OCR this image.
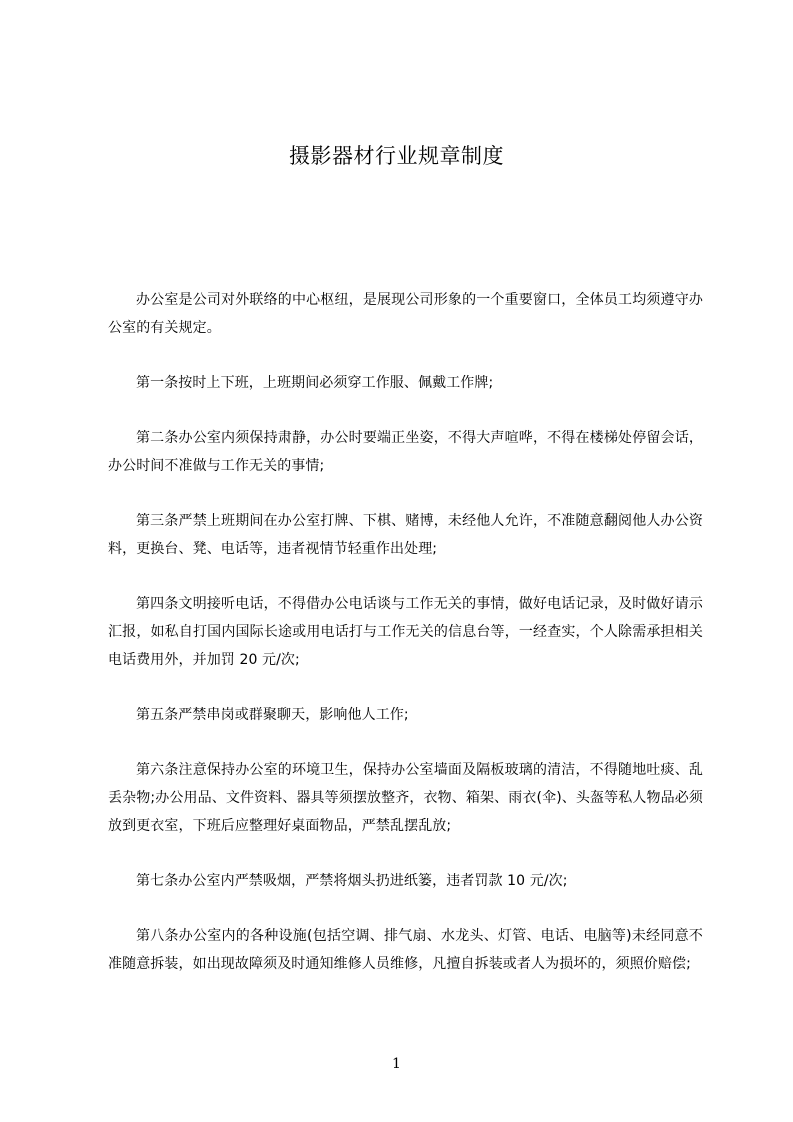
摄影器材行业规章制度

办公室是公司对外联络的中心枢纽，是展现公司形象的一个重要窗口，全体员工均须遵守办公室的有关规定。

第一条按时上下班，上班期间必须穿工作服、佩戴工作牌;

第二条办公室内须保持肃静，办公时要端正坐姿，不得大声喧哗，不得在楼梯处停留会话，办公时间不准做与工作无关的事情;

第三条严禁上班期间在办公室打牌、下棋、赌博，未经他人允许，不准随意翻阅他人办公资料，更换台、凳、电话等，违者视情节轻重作出处理;

第四条文明接听电话，不得借办公电话谈与工作无关的事情，做好电话记录，及时做好请示汇报，如私自打国内国际长途或用电话打与工作无关的信息台等，一经查实，个人除需承担相关电话费用外，并加罚 20 元/次;

第五条严禁串岗或群聚聊天，影响他人工作;

第六条注意保持办公室的环境卫生，保持办公室墙面及隔板玻璃的清洁，不得随地吐痰、乱丢杂物;办公用品、文件资料、器具等须摆放整齐，衣物、箱架、雨衣(伞)、头盔等私人物品必须放到更衣室，下班后应整理好桌面物品，严禁乱摆乱放;

第七条办公室内严禁吸烟，严禁将烟头扔进纸篓，违者罚款 10 元/次;

第八条办公室内的各种设施(包括空调、排气扇、水龙头、灯管、电话、电脑等)未经同意不准随意拆装，如出现故障须及时通知维修人员维修，凡擅自拆装或者人为损坏的，须照价赔偿;

1
